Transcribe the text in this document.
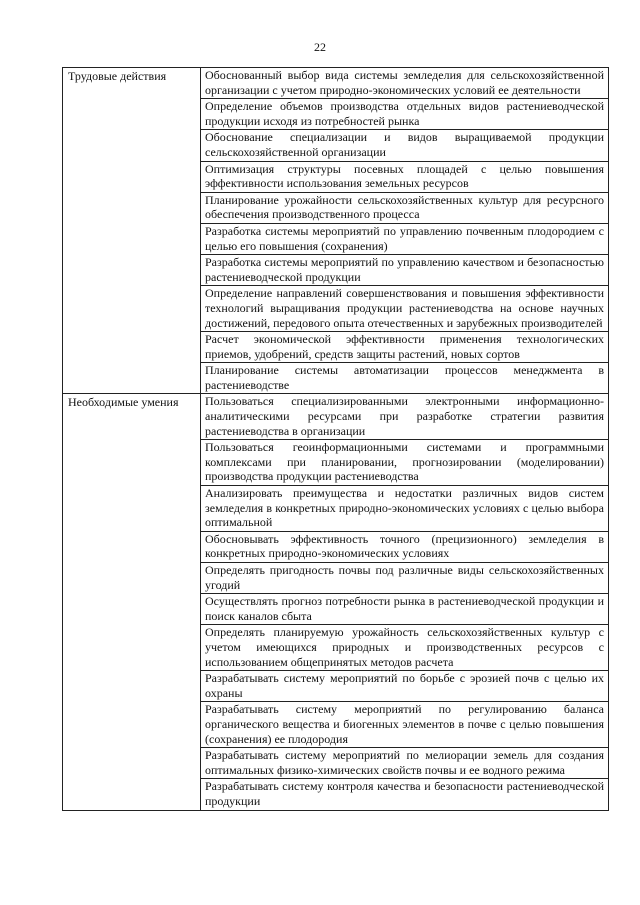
22
Трудовые действия	Обоснованный выбор вида системы земледелия для сельскохозяйственной организации с учетом природно-экономических условий ее деятельности
	Определение объемов производства отдельных видов растениеводческой продукции исходя из потребностей рынка
	Обоснование специализации и видов выращиваемой продукции сельскохозяйственной организации
	Оптимизация структуры посевных площадей с целью повышения эффективности использования земельных ресурсов
	Планирование урожайности сельскохозяйственных культур для ресурсного обеспечения производственного процесса
	Разработка системы мероприятий по управлению почвенным плодородием с целью его повышения (сохранения)
	Разработка системы мероприятий по управлению качеством и безопасностью растениеводческой продукции
	Определение направлений совершенствования и повышения эффективности технологий выращивания продукции растениеводства на основе научных достижений, передового опыта отечественных и зарубежных производителей
	Расчет экономической эффективности применения технологических приемов, удобрений, средств защиты растений, новых сортов
	Планирование системы автоматизации процессов менеджмента в растениеводстве
Необходимые умения	Пользоваться специализированными электронными информационно-аналитическими ресурсами при разработке стратегии развития растениеводства в организации
	Пользоваться геоинформационными системами и программными комплексами при планировании, прогнозировании (моделировании) производства продукции растениеводства
	Анализировать преимущества и недостатки различных видов систем земледелия в конкретных природно-экономических условиях с целью выбора оптимальной
	Обосновывать эффективность точного (прецизионного) земледелия в конкретных природно-экономических условиях
	Определять пригодность почвы под различные виды сельскохозяйственных угодий
	Осуществлять прогноз потребности рынка в растениеводческой продукции и поиск каналов сбыта
	Определять планируемую урожайность сельскохозяйственных культур с учетом имеющихся природных и производственных ресурсов с использованием общепринятых методов расчета
	Разрабатывать систему мероприятий по борьбе с эрозией почв с целью их охраны
	Разрабатывать систему мероприятий по регулированию баланса органического вещества и биогенных элементов в почве с целью повышения (сохранения) ее плодородия
	Разрабатывать систему мероприятий по мелиорации земель для создания оптимальных физико-химических свойств почвы и ее водного режима
	Разрабатывать систему контроля качества и безопасности растениеводческой продукции
